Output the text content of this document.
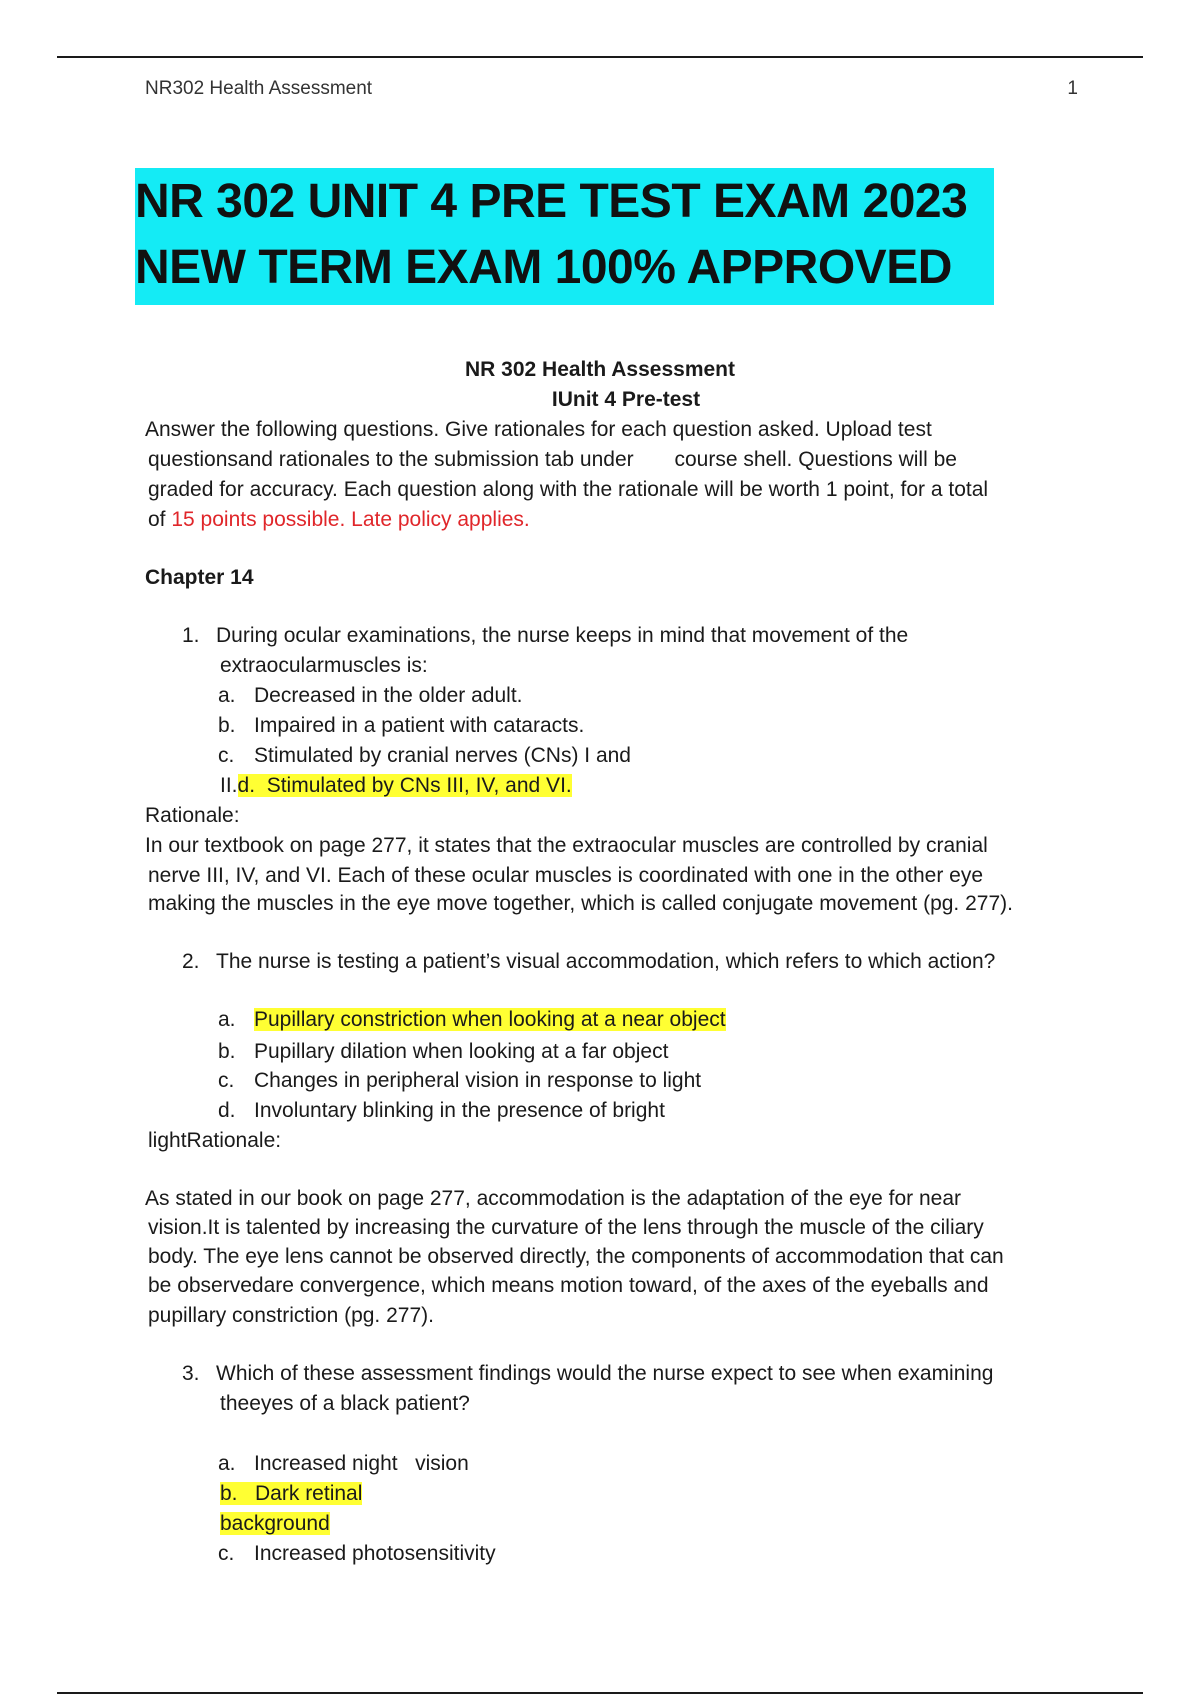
NR302 Health Assessment	1
NR 302 UNIT 4 PRE TEST EXAM 2023
NEW TERM EXAM 100% APPROVED
NR 302 Health Assessment
IUnit 4 Pre-test
Answer the following questions. Give rationales for each question asked. Upload test
questionsand rationales to the submission tab under       course shell. Questions will be
graded for accuracy. Each question along with the rationale will be worth 1 point, for a total
of 15 points possible. Late policy applies.
Chapter 14
1. During ocular examinations, the nurse keeps in mind that movement of the
extraocularmuscles is:
a. Decreased in the older adult.
b. Impaired in a patient with cataracts.
c. Stimulated by cranial nerves (CNs) I and
II.d.  Stimulated by CNs III, IV, and VI.
Rationale:
In our textbook on page 277, it states that the extraocular muscles are controlled by cranial
nerve III, IV, and VI. Each of these ocular muscles is coordinated with one in the other eye
making the muscles in the eye move together, which is called conjugate movement (pg. 277).
2. The nurse is testing a patient’s visual accommodation, which refers to which action?
a. Pupillary constriction when looking at a near object
b. Pupillary dilation when looking at a far object
c. Changes in peripheral vision in response to light
d. Involuntary blinking in the presence of bright
lightRationale:
As stated in our book on page 277, accommodation is the adaptation of the eye for near
vision.It is talented by increasing the curvature of the lens through the muscle of the ciliary
body. The eye lens cannot be observed directly, the components of accommodation that can
be observedare convergence, which means motion toward, of the axes of the eyeballs and
pupillary constriction (pg. 277).
3. Which of these assessment findings would the nurse expect to see when examining
theeyes of a black patient?
a. Increased night   vision
b.   Dark retinal
background
c. Increased photosensitivity
